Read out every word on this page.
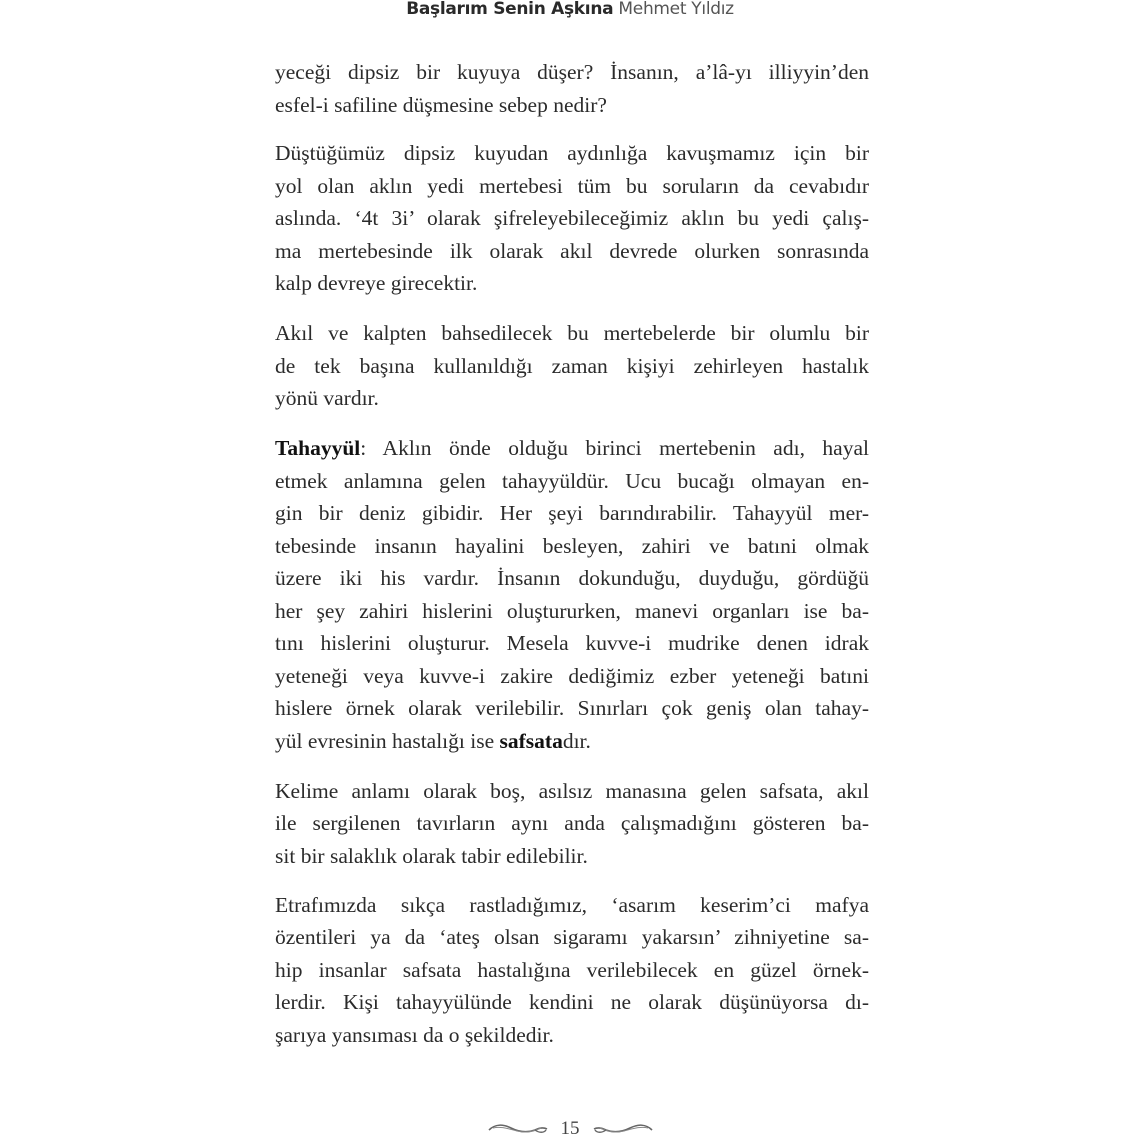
Başlarım Senin Aşkına Mehmet Yıldız
yeceği dipsiz bir kuyuya düşer? İnsanın, a’lâ-yı illiyyin’den
esfel-i safiline düşmesine sebep nedir?
Düştüğümüz dipsiz kuyudan aydınlığa kavuşmamız için bir
yol olan aklın yedi mertebesi tüm bu soruların da cevabıdır
aslında. ‘4t 3i’ olarak şifreleyebileceğimiz aklın bu yedi çalış-
ma mertebesinde ilk olarak akıl devrede olurken sonrasında
kalp devreye girecektir.
Akıl ve kalpten bahsedilecek bu mertebelerde bir olumlu bir
de tek başına kullanıldığı zaman kişiyi zehirleyen hastalık
yönü vardır.
Tahayyül: Aklın önde olduğu birinci mertebenin adı, hayal
etmek anlamına gelen tahayyüldür. Ucu bucağı olmayan en-
gin bir deniz gibidir. Her şeyi barındırabilir. Tahayyül mer-
tebesinde insanın hayalini besleyen, zahiri ve batıni olmak
üzere iki his vardır. İnsanın dokunduğu, duyduğu, gördüğü
her şey zahiri hislerini oluştururken, manevi organları ise ba-
tını hislerini oluşturur. Mesela kuvve-i mudrike denen idrak
yeteneği veya kuvve-i zakire dediğimiz ezber yeteneği batıni
hislere örnek olarak verilebilir. Sınırları çok geniş olan tahay-
yül evresinin hastalığı ise safsatadır.
Kelime anlamı olarak boş, asılsız manasına gelen safsata, akıl
ile sergilenen tavırların aynı anda çalışmadığını gösteren ba-
sit bir salaklık olarak tabir edilebilir.
Etrafımızda sıkça rastladığımız, ‘asarım keserim’ci mafya
özentileri ya da ‘ateş olsan sigaramı yakarsın’ zihniyetine sa-
hip insanlar safsata hastalığına verilebilecek en güzel örnek-
lerdir. Kişi tahayyülünde kendini ne olarak düşünüyorsa dı-
şarıya yansıması da o şekildedir.
15
